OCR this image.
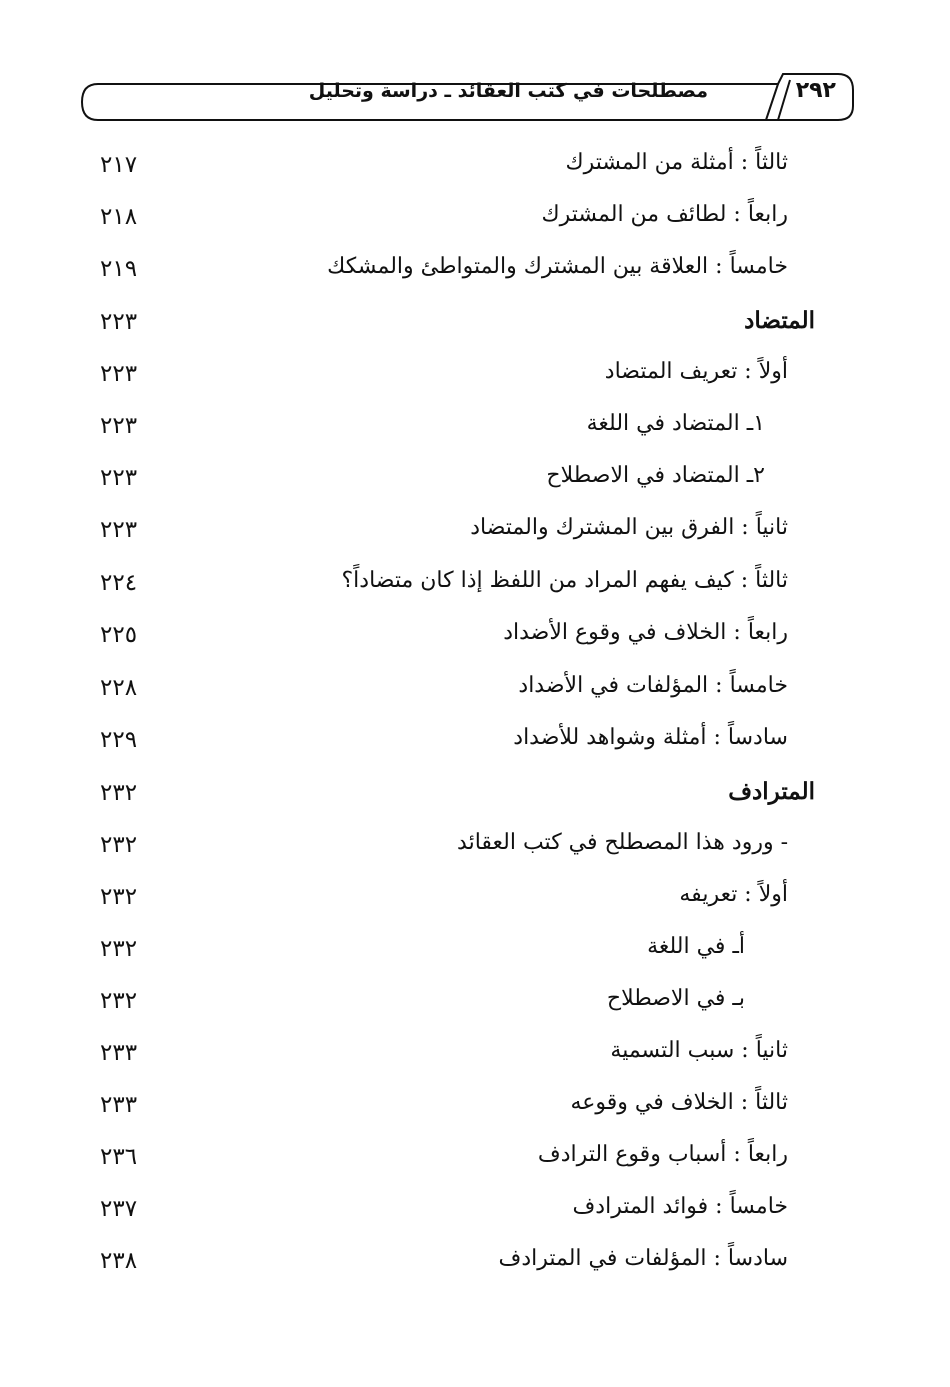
مصطلحات في كتب العقائد ـ دراسة وتحليل	٢٩٢
ثالثاً : أمثلة من المشترك
٢١٧
رابعاً : لطائف من المشترك
٢١٨
خامساً : العلاقة بين المشترك والمتواطئ والمشكك
٢١٩
المتضاد
٢٢٣
أولاً : تعريف المتضاد
٢٢٣
١ـ المتضاد في اللغة
٢٢٣
٢ـ المتضاد في الاصطلاح
٢٢٣
ثانياً : الفرق بين المشترك والمتضاد
٢٢٣
ثالثاً : كيف يفهم المراد من اللفظ إذا كان متضاداً؟
٢٢٤
رابعاً : الخلاف في وقوع الأضداد
٢٢٥
خامساً : المؤلفات في الأضداد
٢٢٨
سادساً : أمثلة وشواهد للأضداد
٢٢٩
المترادف
٢٣٢
- ورود هذا المصطلح في كتب العقائد
٢٣٢
أولاً : تعريفه
٢٣٢
أـ في اللغة
٢٣٢
بـ في الاصطلاح
٢٣٢
ثانياً : سبب التسمية
٢٣٣
ثالثاً : الخلاف في وقوعه
٢٣٣
رابعاً : أسباب وقوع الترادف
٢٣٦
خامساً : فوائد المترادف
٢٣٧
سادساً : المؤلفات في المترادف
٢٣٨
